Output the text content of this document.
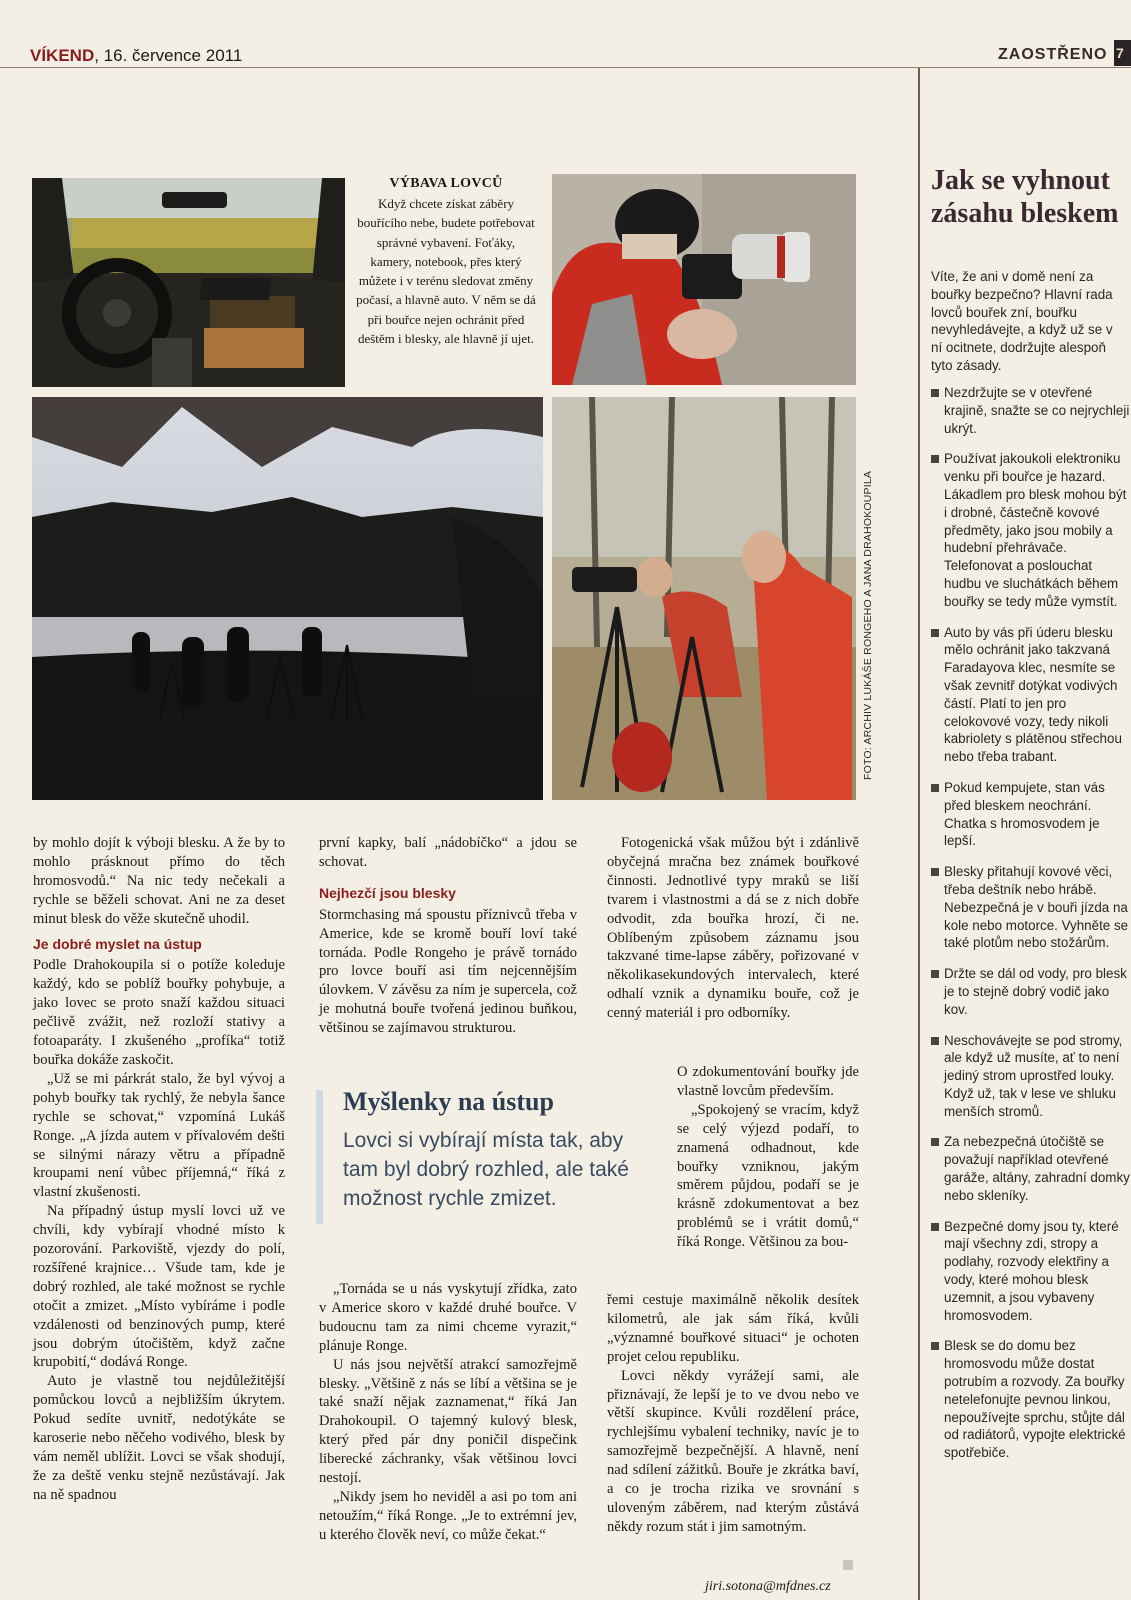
VÍKEND, 16. července 2011	ZAOSTŘENO 7
VÝBAVA LOVCŮ
Když chcete získat záběry bouřícího nebe, budete potřebovat správné vybavení. Foťáky, kamery, notebook, přes který můžete i v terénu sledovat změny počasí, a hlavně auto. V něm se dá při bouřce nejen ochránit před deštěm i blesky, ale hlavně jí ujet.
FOTO: ARCHIV LUKÁŠE RONGEHO A JANA DRAHOKOUPILA

by mohlo dojít k výboji blesku. A že by to mohlo prásknout přímo do těch hromosvodů.“ Na nic tedy nečekali a rychle se běželi schovat. Ani ne za deset minut blesk do věže skutečně uhodil.

Je dobré myslet na ústup

Podle Drahokoupila si o potíže koleduje každý, kdo se poblíž bouřky pohybuje, a jako lovec se proto snaží každou situaci pečlivě zvážit, než rozloží stativy a fotoaparáty. I zkušeného „profíka“ totiž bouřka dokáže zaskočit.

„Už se mi párkrát stalo, že byl vývoj a pohyb bouřky tak rychlý, že nebyla šance rychle se schovat,“ vzpomíná Lukáš Ronge. „A jízda autem v přívalovém dešti se silnými nárazy větru a případně kroupami není vůbec příjemná,“ říká z vlastní zkušenosti.

Na případný ústup myslí lovci už ve chvíli, kdy vybírají vhodné místo k pozorování. Parkoviště, vjezdy do polí, rozšířené krajnice… Všude tam, kde je dobrý rozhled, ale také možnost se rychle otočit a zmizet. „Místo vybíráme i podle vzdálenosti od benzinových pump, které jsou dobrým útočištěm, když začne krupobití,“ dodává Ronge.

Auto je vlastně tou nejdůležitější pomůckou lovců a nejbližším úkrytem. Pokud sedíte uvnitř, nedotýkáte se karoserie nebo něčeho vodivého, blesk by vám neměl ublížit. Lovci se však shodují, že za deště venku stejně nezůstávají. Jak na ně spadnou

první kapky, balí „nádobíčko“ a jdou se schovat.

Nejhezčí jsou blesky

Stormchasing má spoustu příznivců třeba v Americe, kde se kromě bouří loví také tornáda. Podle Rongeho je právě tornádo pro lovce bouří asi tím nejcennějším úlovkem. V závěsu za ním je supercela, což je mohutná bouře tvořená jedinou buňkou, většinou se zajímavou strukturou.

Myšlenky na ústup
Lovci si vybírají místa tak, aby tam byl dobrý rozhled, ale také možnost rychle zmizet.

„Tornáda se u nás vyskytují zřídka, zato v Americe skoro v každé druhé bouřce. V budoucnu tam za nimi chceme vyrazit,“ plánuje Ronge.

U nás jsou největší atrakcí samozřejmě blesky. „Většině z nás se líbí a většina se je také snaží nějak zaznamenat,“ říká Jan Drahokoupil. O tajemný kulový blesk, který před pár dny poničil dispečink liberecké záchranky, však většinou lovci nestojí.

„Nikdy jsem ho neviděl a asi po tom ani netoužím,“ říká Ronge. „Je to extrémní jev, u kterého člověk neví, co může čekat.“

Fotogenická však můžou být i zdánlivě obyčejná mračna bez známek bouřkové činnosti. Jednotlivé typy mraků se liší tvarem i vlastnostmi a dá se z nich dobře odvodit, zda bouřka hrozí, či ne. Oblíbeným způsobem záznamu jsou takzvané time-lapse záběry, pořizované v několikasekundových intervalech, které odhalí vznik a dynamiku bouře, což je cenný materiál i pro odborníky.

O zdokumentování bouřky jde vlastně lovcům především.

„Spokojený se vracím, když se celý výjezd podaří, to znamená odhadnout, kde bouřky vzniknou, jakým směrem půjdou, podaří se je krásně zdokumentovat a bez problémů se i vrátit domů,“ říká Ronge. Většinou za bou-

řemi cestuje maximálně několik desítek kilometrů, ale jak sám říká, kvůli „významné bouřkové situaci“ je ochoten projet celou republiku.

Lovci někdy vyrážejí sami, ale přiznávají, že lepší je to ve dvou nebo ve větší skupince. Kvůli rozdělení práce, rychlejšímu vybalení techniky, navíc je to samozřejmě bezpečnější. A hlavně, není nad sdílení zážitků. Bouře je zkrátka baví, a co je trocha rizika ve srovnání s uloveným záběrem, nad kterým zůstává někdy rozum stát i jim samotným.

jiri.sotona@mfdnes.cz
Jak se vyhnout zásahu bleskem
Víte, že ani v domě není za bouřky bezpečno? Hlavní rada lovců bouřek zní, bouřku nevyhledávejte, a když už se v ní ocitnete, dodržujte alespoň tyto zásady.
Nezdržujte se v otevřené krajině, snažte se co nejrychleji ukrýt.
Používat jakoukoli elektroniku venku při bouřce je hazard. Lákadlem pro blesk mohou být i drobné, částečně kovové předměty, jako jsou mobily a hudební přehrávače. Telefonovat a poslouchat hudbu ve sluchátkách během bouřky se tedy může vymstít.
Auto by vás při úderu blesku mělo ochránit jako takzvaná Faradayova klec, nesmíte se však zevnitř dotýkat vodivých částí. Platí to jen pro celokovové vozy, tedy nikoli kabriolety s plátěnou střechou nebo třeba trabant.
Pokud kempujete, stan vás před bleskem neochrání. Chatka s hromosvodem je lepší.
Blesky přitahují kovové věci, třeba deštník nebo hrábě. Nebezpečná je v bouři jízda na kole nebo motorce. Vyhněte se také plotům nebo stožárům.
Držte se dál od vody, pro blesk je to stejně dobrý vodič jako kov.
Neschovávejte se pod stromy, ale když už musíte, ať to není jediný strom uprostřed louky. Když už, tak v lese ve shluku menších stromů.
Za nebezpečná útočiště se považují například otevřené garáže, altány, zahradní domky nebo skleníky.
Bezpečné domy jsou ty, které mají všechny zdi, stropy a podlahy, rozvody elektřiny a vody, které mohou blesk uzemnit, a jsou vybaveny hromosvodem.
Blesk se do domu bez hromosvodu může dostat potrubím a rozvody. Za bouřky netelefonujte pevnou linkou, nepoužívejte sprchu, stůjte dál od radiátorů, vypojte elektrické spotřebiče.
